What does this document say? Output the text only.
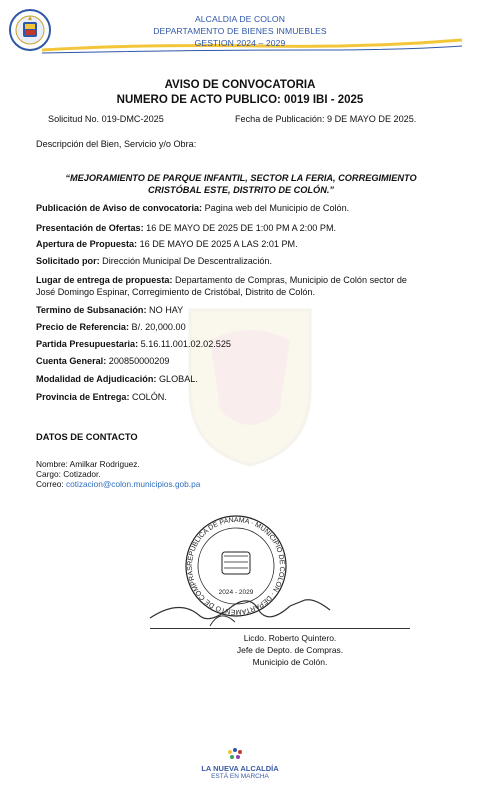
ALCALDIA DE COLON
DEPARTAMENTO DE BIENES INMUEBLES
GESTION 2024 – 2029
AVISO DE CONVOCATORIA
NUMERO DE ACTO PUBLICO: 0019 IBI - 2025
Solicitud No. 019-DMC-2025	Fecha de Publicación: 9 DE MAYO DE 2025.
Descripción del Bien, Servicio y/o Obra:
“MEJORAMIENTO DE PARQUE INFANTIL, SECTOR LA FERIA, CORREGIMIENTO CRISTÓBAL ESTE, DISTRITO DE COLÓN.”
Publicación de Aviso de convocatoria: Pagina web del Municipio de Colón.
Presentación de Ofertas: 16 DE MAYO DE 2025 DE 1:00 PM A 2:00 PM.
Apertura de Propuesta: 16 DE MAYO DE 2025 A LAS 2:01 PM.
Solicitado por: Dirección Municipal De Descentralización.
Lugar de entrega de propuesta: Departamento de Compras, Municipio de Colón sector de
José Domingo Espinar, Corregimiento de Cristóbal, Distrito de Colón.
Termino de Subsanación: NO HAY
Precio de Referencia: B/. 20,000.00
Partida Presupuestaria: 5.16.11.001.02.02.525
Cuenta General: 200850000209
Modalidad de Adjudicación: GLOBAL.
Provincia de Entrega: COLÓN.
DATOS DE CONTACTO
Nombre: Amilkar Rodriguez.
Cargo: Cotizador.
Correo: cotizacion@colon.municipios.gob.pa
REPUBLICA DE PANAMA · MUNICIPIO DE COLON · DEPARTAMENTO DE COMPRAS
2024 - 2029
Licdo. Roberto Quintero.
Jefe de Depto. de Compras.
Municipio de Colón.
LA NUEVA ALCALDÍA
ESTÁ EN MARCHA
